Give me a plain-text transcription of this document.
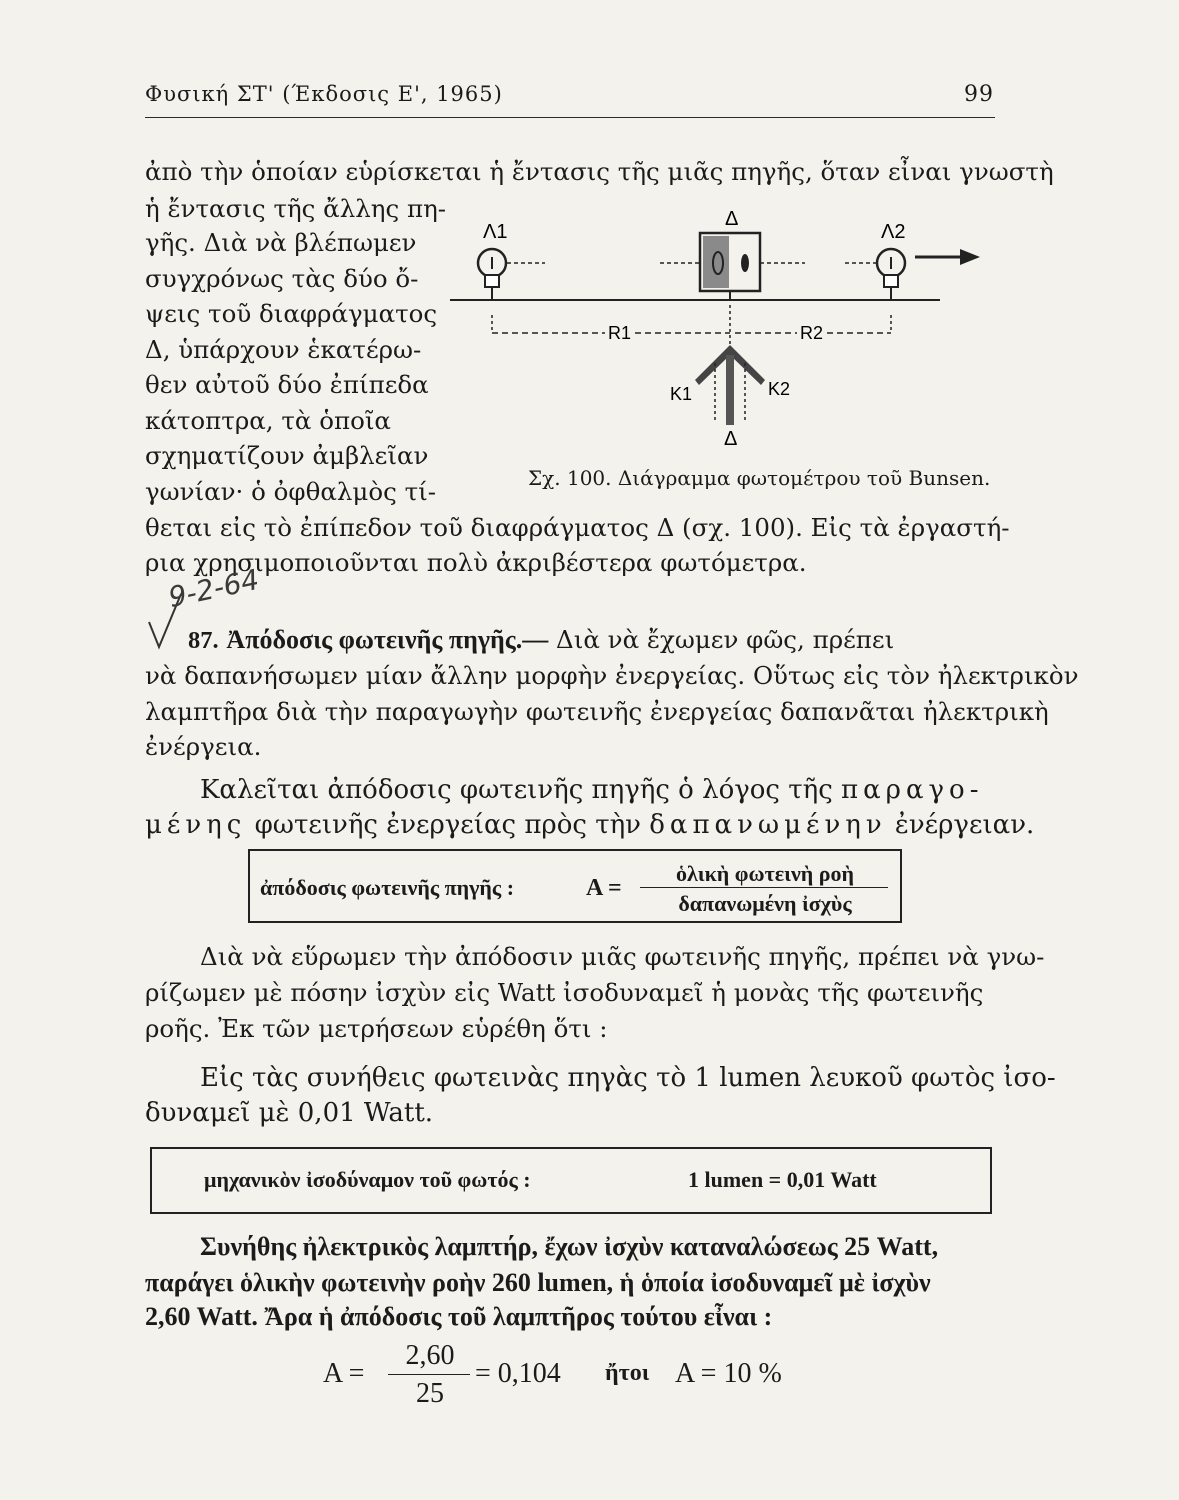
Φυσική ΣΤ' (Έκδοσις Ε', 1965)	99
ἀπὸ τὴν ὁποίαν εὑρίσκεται ἡ ἔντασις τῆς μιᾶς πηγῆς, ὅταν εἶναι γνωστὴ
ἡ ἔντασις τῆς ἄλλης πη-
γῆς. Διὰ νὰ βλέπωμεν
συγχρόνως τὰς δύο ὄ-
ψεις τοῦ διαφράγματος
Δ, ὑπάρχουν ἑκατέρω-
θεν αὐτοῦ δύο ἐπίπεδα
κάτοπτρα, τὰ ὁποῖα
σχηματίζουν ἀμβλεῖαν
γωνίαν· ὁ ὀφθαλμὸς τί-
θεται εἰς τὸ ἐπίπεδον τοῦ διαφράγματος Δ (σχ. 100). Εἰς τὰ ἐργαστή-
ρια χρησιμοποιοῦνται πολὺ ἀκριβέστερα φωτόμετρα.
Λ1
Δ
Λ2
R1	R2
K1	K2
Δ
Σχ. 100. Διάγραμμα φωτομέτρου τοῦ Bunsen.
9-2-64
87. Ἀπόδοσις φωτεινῆς πηγῆς.— Διὰ νὰ ἔχωμεν φῶς, πρέπει
νὰ δαπανήσωμεν μίαν ἄλλην μορφὴν ἐνεργείας. Οὕτως εἰς τὸν ἠλεκτρικὸν
λαμπτῆρα διὰ τὴν παραγωγὴν φωτεινῆς ἐνεργείας δαπανᾶται ἠλεκτρικὴ
ἐνέργεια.
Καλεῖται ἀπόδοσις φωτεινῆς πηγῆς ὁ λόγος τῆς παραγο-
μένης φωτεινῆς ἐνεργείας πρὸς τὴν δαπανωμένην ἐνέργειαν.
ἀπόδοσις φωτεινῆς πηγῆς :	A =
ὁλικὴ φωτεινὴ ροὴ
δαπανωμένη ἰσχὺς
Διὰ νὰ εὕρωμεν τὴν ἀπόδοσιν μιᾶς φωτεινῆς πηγῆς, πρέπει νὰ γνω-
ρίζωμεν μὲ πόσην ἰσχὺν εἰς Watt ἰσοδυναμεῖ ἡ μονὰς τῆς φωτεινῆς
ροῆς. Ἐκ τῶν μετρήσεων εὑρέθη ὅτι :
Εἰς τὰς συνήθεις φωτεινὰς πηγὰς τὸ 1 lumen λευκοῦ φωτὸς ἰσο-
δυναμεῖ μὲ 0,01 Watt.
μηχανικὸν ἰσοδύναμον τοῦ φωτός :	1 lumen = 0,01 Watt
Συνήθης ἠλεκτρικὸς λαμπτήρ, ἔχων ἰσχὺν καταναλώσεως 25 Watt,
παράγει ὁλικὴν φωτεινὴν ροὴν 260 lumen, ἡ ὁποία ἰσοδυναμεῖ μὲ ἰσχὺν
2,60 Watt. Ἄρα ἡ ἀπόδοσις τοῦ λαμπτῆρος τούτου εἶναι :
A =
2,60
25
= 0,104 ἤτοι A = 10 %
